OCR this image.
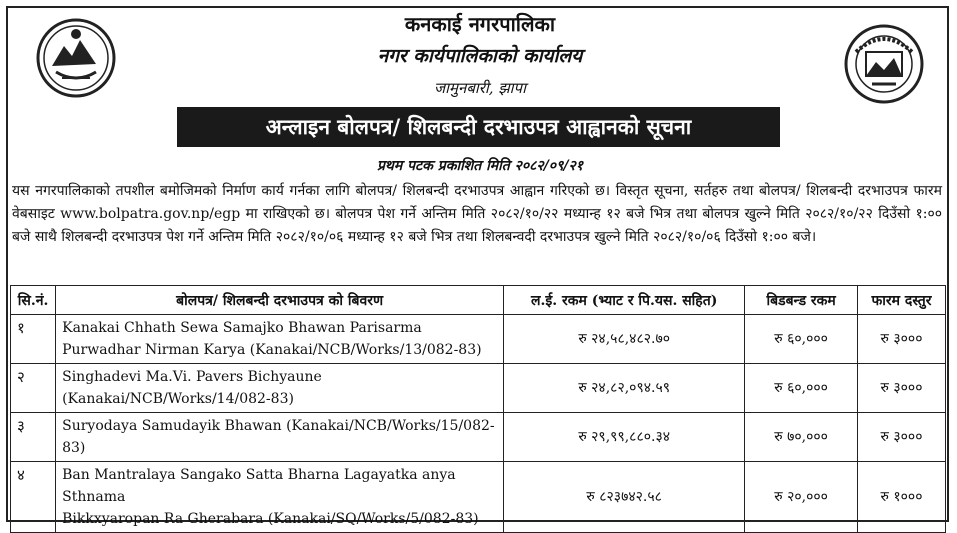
कनकाई नगरपालिका
नगर कार्यपालिकाको कार्यालय
जामुनबारी, झापा
अन्लाइन बोलपत्र/ शिलबन्दी दरभाउपत्र आह्वानको सूचना
प्रथम पटक प्रकाशित मिति २०८२/०९/२१
यस नगरपालिकाको तपशील बमोजिमको निर्माण कार्य गर्नका लागि बोलपत्र/ शिलबन्दी दरभाउपत्र आह्वान गरिएको छ। विस्तृत सूचना, सर्तहरु तथा बोलपत्र/ शिलबन्दी दरभाउपत्र फारम वेबसाइट www.bolpatra.gov.np/egp मा राखिएको छ। बोलपत्र पेश गर्ने अन्तिम मिति २०८२/१०/२२ मध्यान्ह १२ बजे भित्र तथा बोलपत्र खुल्ने मिति २०८२/१०/२२ दिउँसो १:०० बजे साथै शिलबन्दी दरभाउपत्र पेश गर्ने अन्तिम मिति २०८२/१०/०६ मध्यान्ह १२ बजे भित्र तथा शिलबन्वदी दरभाउपत्र खुल्ने मिति २०८२/१०/०६ दिउँसो १:०० बजे।
सि.नं.	बोलपत्र/ शिलबन्दी दरभाउपत्र को बिवरण	ल.ई. रकम (भ्याट र पि.यस. सहित)	बिडबन्ड रकम	फारम दस्तुर
१	Kanakai Chhath Sewa Samajko Bhawan Parisarma
Purwadhar Nirman Karya (Kanakai/NCB/Works/13/082-83)	रु २४,५८,४८२.७०	रु ६०,०००	रु ३०००
२	Singhadevi Ma.Vi. Pavers Bichyaune
(Kanakai/NCB/Works/14/082-83)	रु २४,८२,०९४.५९	रु ६०,०००	रु ३०००
३	Suryodaya Samudayik Bhawan (Kanakai/NCB/Works/15/082-83)	रु २९,९९,८८०.३४	रु ७०,०००	रु ३०००
४	Ban Mantralaya Sangako Satta Bharna Lagayatka anya Sthnama
Bikkxyaropan Ra Gherabara (Kanakai/SQ/Works/5/082-83)	रु ८२३७४२.५८	रु २०,०००	रु १०००
